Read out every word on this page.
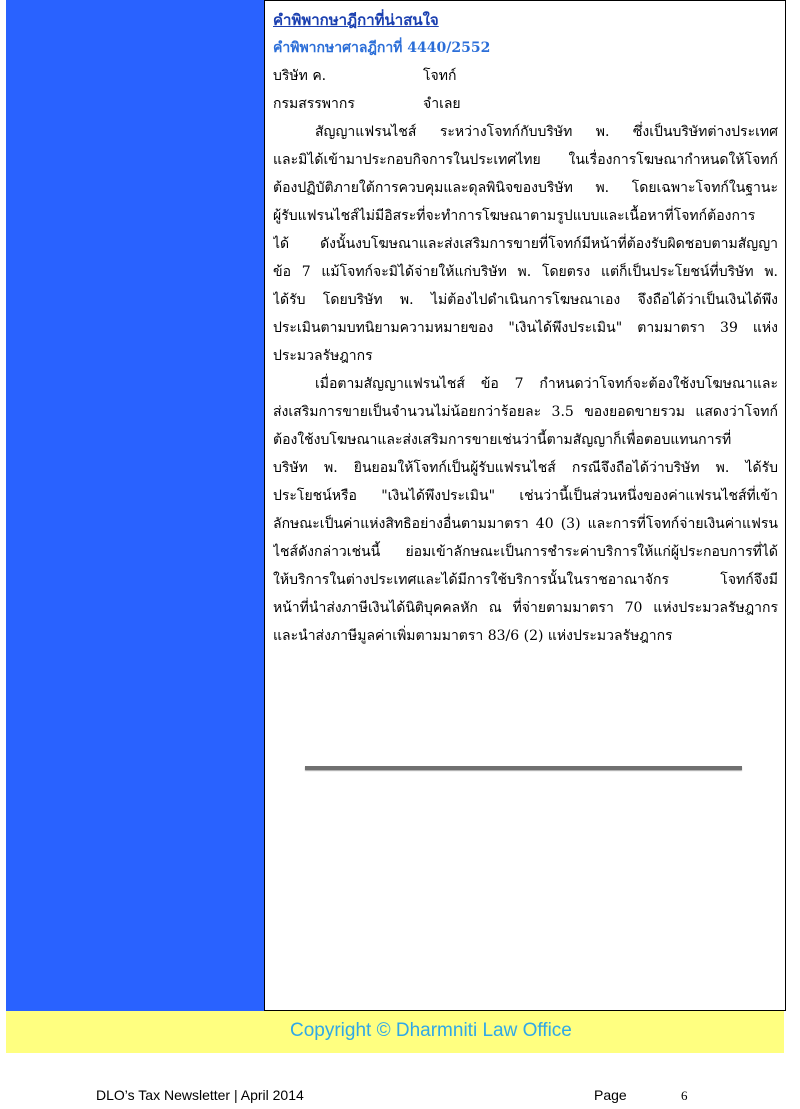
คำพิพากษาฎีกาที่น่าสนใจ
คำพิพากษาศาลฎีกาที่ 4440/2552
บริษัท ค.	โจทก์
กรมสรรพากร	จำเลย
สัญญาแฟรนไชส์ ระหว่างโจทก์กับบริษัท พ. ซึ่งเป็นบริษัทต่างประเทศ
และมิได้เข้ามาประกอบกิจการในประเทศไทย ในเรื่องการโฆษณากำหนดให้โจทก์
ต้องปฏิบัติภายใต้การควบคุมและดุลพินิจของบริษัท พ. โดยเฉพาะโจทก์ในฐานะ
ผู้รับแฟรนไชส์ไม่มีอิสระที่จะทำการโฆษณาตามรูปแบบและเนื้อหาที่โจทก์ต้องการ
ได้ ดังนั้นงบโฆษณาและส่งเสริมการขายที่โจทก์มีหน้าที่ต้องรับผิดชอบตามสัญญา
ข้อ 7 แม้โจทก์จะมิได้จ่ายให้แก่บริษัท พ. โดยตรง แต่ก็เป็นประโยชน์ที่บริษัท พ.
ได้รับ โดยบริษัท พ. ไม่ต้องไปดำเนินการโฆษณาเอง จึงถือได้ว่าเป็นเงินได้พึง
ประเมินตามบทนิยามความหมายของ "เงินได้พึงประเมิน" ตามมาตรา 39 แห่ง
ประมวลรัษฎากร
เมื่อตามสัญญาแฟรนไชส์ ข้อ 7 กำหนดว่าโจทก์จะต้องใช้งบโฆษณาและ
ส่งเสริมการขายเป็นจำนวนไม่น้อยกว่าร้อยละ 3.5 ของยอดขายรวม แสดงว่าโจทก์
ต้องใช้งบโฆษณาและส่งเสริมการขายเช่นว่านี้ตามสัญญาก็เพื่อตอบแทนการที่
บริษัท พ. ยินยอมให้โจทก์เป็นผู้รับแฟรนไชส์ กรณีจึงถือได้ว่าบริษัท พ. ได้รับ
ประโยชน์หรือ "เงินได้พึงประเมิน" เช่นว่านี้เป็นส่วนหนึ่งของค่าแฟรนไชส์ที่เข้า
ลักษณะเป็นค่าแห่งสิทธิอย่างอื่นตามมาตรา 40 (3) และการที่โจทก์จ่ายเงินค่าแฟรน
ไชส์ดังกล่าวเช่นนี้ ย่อมเข้าลักษณะเป็นการชำระค่าบริการให้แก่ผู้ประกอบการที่ได้
ให้บริการในต่างประเทศและได้มีการใช้บริการนั้นในราชอาณาจักร โจทก์จึงมี
หน้าที่นำส่งภาษีเงินได้นิติบุคคลหัก ณ ที่จ่ายตามมาตรา 70 แห่งประมวลรัษฎากร
และนำส่งภาษีมูลค่าเพิ่มตามมาตรา 83/6 (2) แห่งประมวลรัษฎากร
Copyright © Dharmniti Law Office
DLO’s Tax Newsletter | April 2014	Page	6
